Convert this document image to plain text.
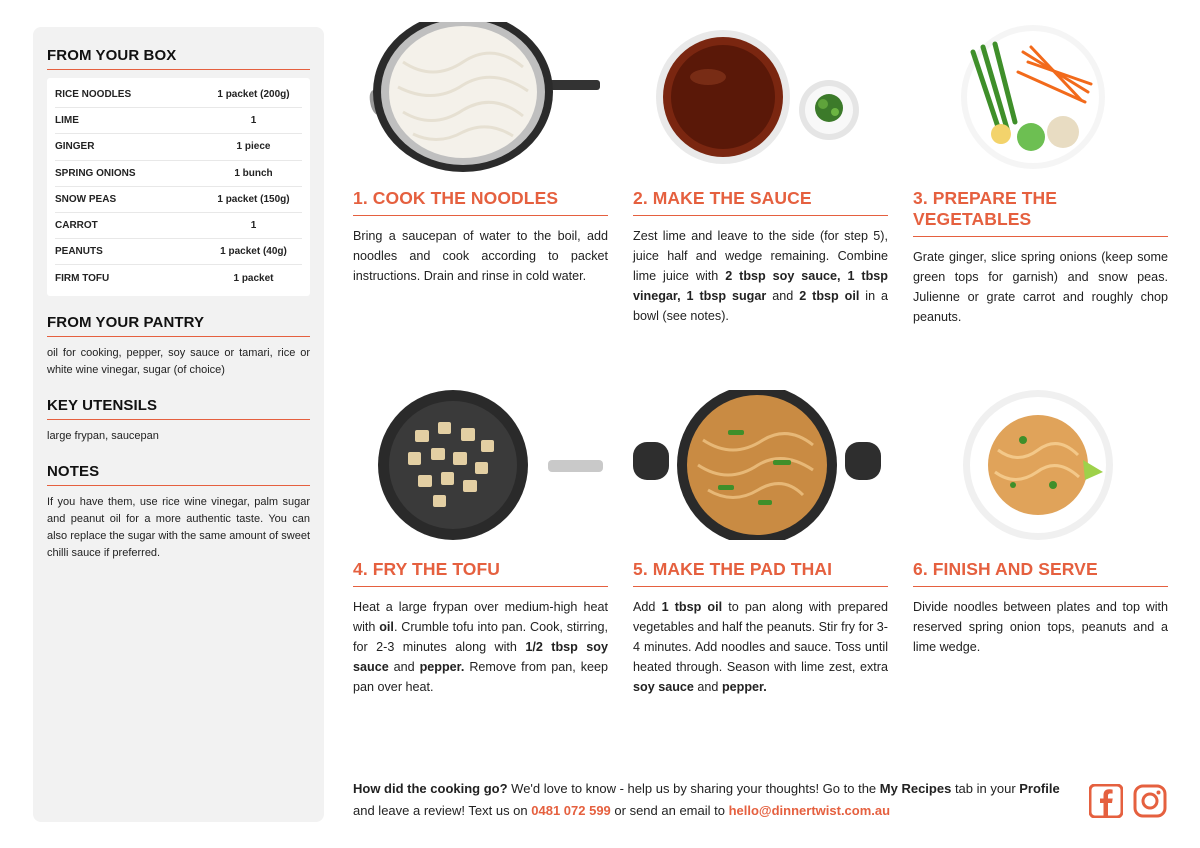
FROM YOUR BOX
RICE NOODLES	1 packet (200g)
LIME	1
GINGER	1 piece
SPRING ONIONS	1 bunch
SNOW PEAS	1 packet (150g)
CARROT	1
PEANUTS	1 packet (40g)
FIRM TOFU	1 packet
FROM YOUR PANTRY
oil for cooking, pepper, soy sauce or tamari, rice or white wine vinegar, sugar (of choice)
KEY UTENSILS
large frypan, saucepan
NOTES
If you have them, use rice wine vinegar, palm sugar and peanut oil for a more authentic taste. You can also replace the sugar with the same amount of sweet chilli sauce if preferred.
1. COOK THE NOODLES
Bring a saucepan of water to the boil, add noodles and cook according to packet instructions. Drain and rinse in cold water.
2. MAKE THE SAUCE
Zest lime and leave to the side (for step 5), juice half and wedge remaining. Combine lime juice with 2 tbsp soy sauce, 1 tbsp vinegar, 1 tbsp sugar and 2 tbsp oil in a bowl (see notes).
3. PREPARE THE VEGETABLES
Grate ginger, slice spring onions (keep some green tops for garnish) and snow peas. Julienne or grate carrot and roughly chop peanuts.
4. FRY THE TOFU
Heat a large frypan over medium-high heat with oil. Crumble tofu into pan. Cook, stirring, for 2-3 minutes along with 1/2 tbsp soy sauce and pepper. Remove from pan, keep pan over heat.
5. MAKE THE PAD THAI
Add 1 tbsp oil to pan along with prepared vegetables and half the peanuts. Stir fry for 3-4 minutes. Add noodles and sauce. Toss until heated through. Season with lime zest, extra soy sauce and pepper.
6. FINISH AND SERVE
Divide noodles between plates and top with reserved spring onion tops, peanuts and a lime wedge.
How did the cooking go? We'd love to know - help us by sharing your thoughts! Go to the My Recipes tab in your Profile and leave a review! Text us on 0481 072 599 or send an email to hello@dinnertwist.com.au
